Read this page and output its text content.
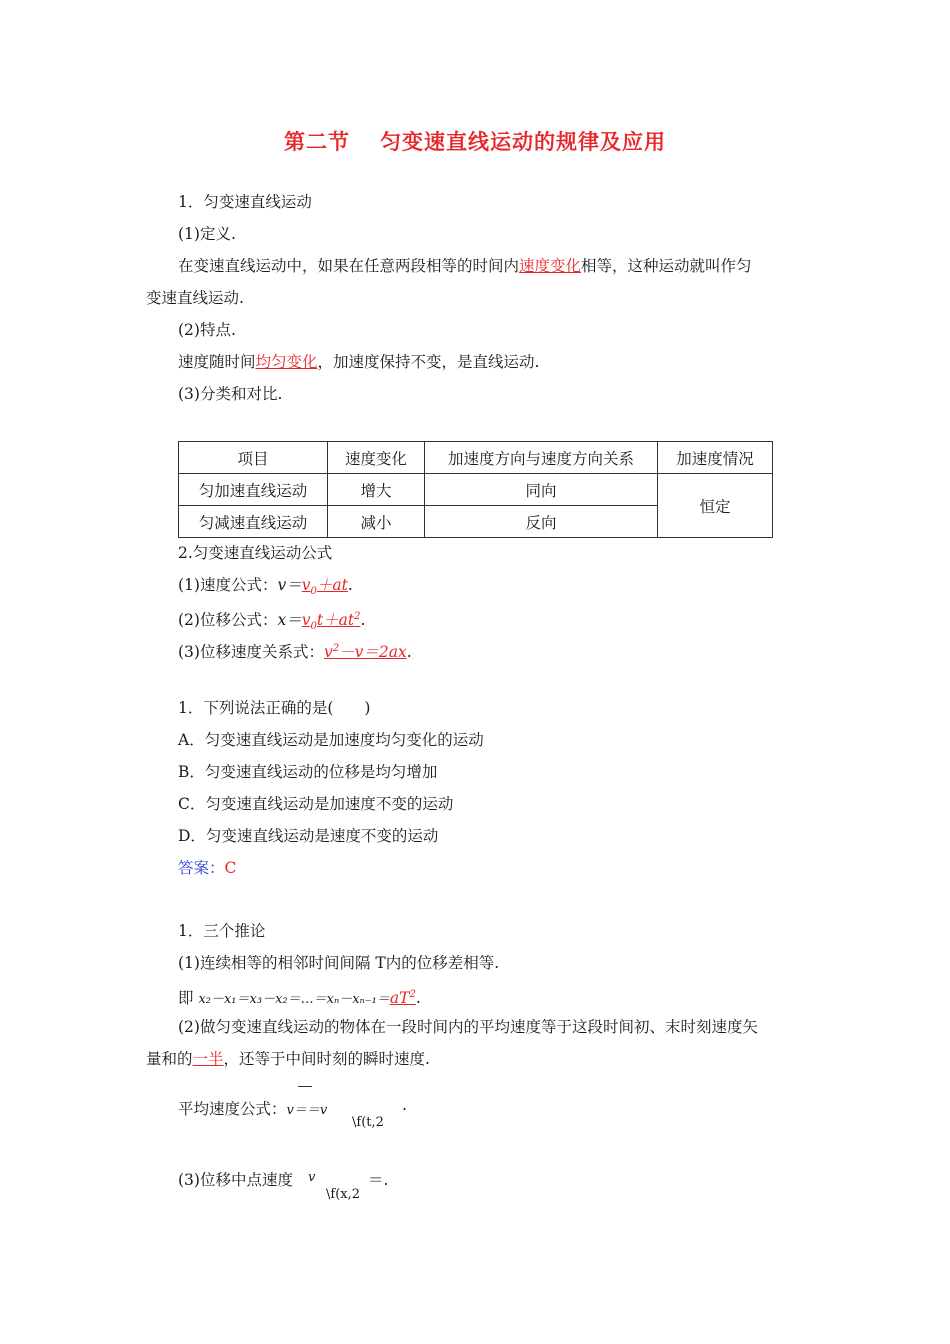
第二节 匀变速直线运动的规律及应用
1．匀变速直线运动
(1)定义.
在变速直线运动中，如果在任意两段相等的时间内速度变化相等，这种运动就叫作匀
变速直线运动.
(2)特点.
速度随时间均匀变化，加速度保持不变，是直线运动.
(3)分类和对比.
项目	速度变化	加速度方向与速度方向关系	加速度情况
匀加速直线运动	增大	同向	恒定
匀减速直线运动	减小	反向	
2.匀变速直线运动公式
(1)速度公式：$v=v_0+at$.
(2)位移公式：$x=v_0t+at^2$.
(3)位移速度关系式：$v^2-v=2ax$.
1．下列说法正确的是(　　)
A．匀变速直线运动是加速度均匀变化的运动
B．匀变速直线运动的位移是均匀增加
C．匀变速直线运动是加速度不变的运动
D．匀变速直线运动是速度不变的运动
答案：C
1．三个推论
(1)连续相等的相邻时间间隔 T内的位移差相等.
即 $x_2-x_1=x_3-x_2=\dots=x_n-x_{n-1}=aT^2$.
(2)做匀变速直线运动的物体在一段时间内的平均速度等于这段时间初、末时刻速度矢
量和的一半，还等于中间时刻的瞬时速度.
平均速度公式：v＝＝v
\f(t,2
.
(3)位移中点速度 v
\f(x,2
＝.
